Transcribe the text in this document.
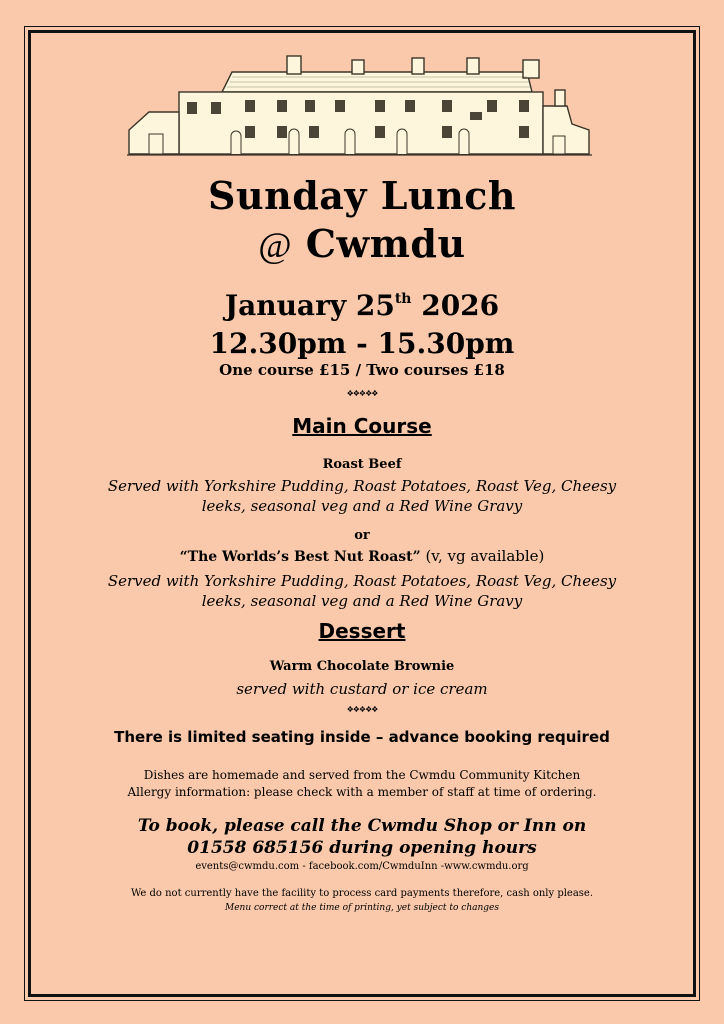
Sunday Lunch
@ Cwmdu
January 25th 2026
12.30pm - 15.30pm
One course £15 / Two courses £18
❖❖❖❖❖
Main Course
Roast Beef
Served with Yorkshire Pudding, Roast Potatoes, Roast Veg, Cheesy
leeks, seasonal veg and a Red Wine Gravy
or
“The Worlds’s Best Nut Roast” (v, vg available)
Served with Yorkshire Pudding, Roast Potatoes, Roast Veg, Cheesy
leeks, seasonal veg and a Red Wine Gravy
Dessert
Warm Chocolate Brownie
served with custard or ice cream
❖❖❖❖❖
There is limited seating inside – advance booking required
Dishes are homemade and served from the Cwmdu Community Kitchen
Allergy information: please check with a member of staff at time of ordering.
To book, please call the Cwmdu Shop or Inn on
01558 685156 during opening hours
events@cwmdu.com - facebook.com/CwmduInn -www.cwmdu.org
We do not currently have the facility to process card payments therefore, cash only please.
Menu correct at the time of printing, yet subject to changes
